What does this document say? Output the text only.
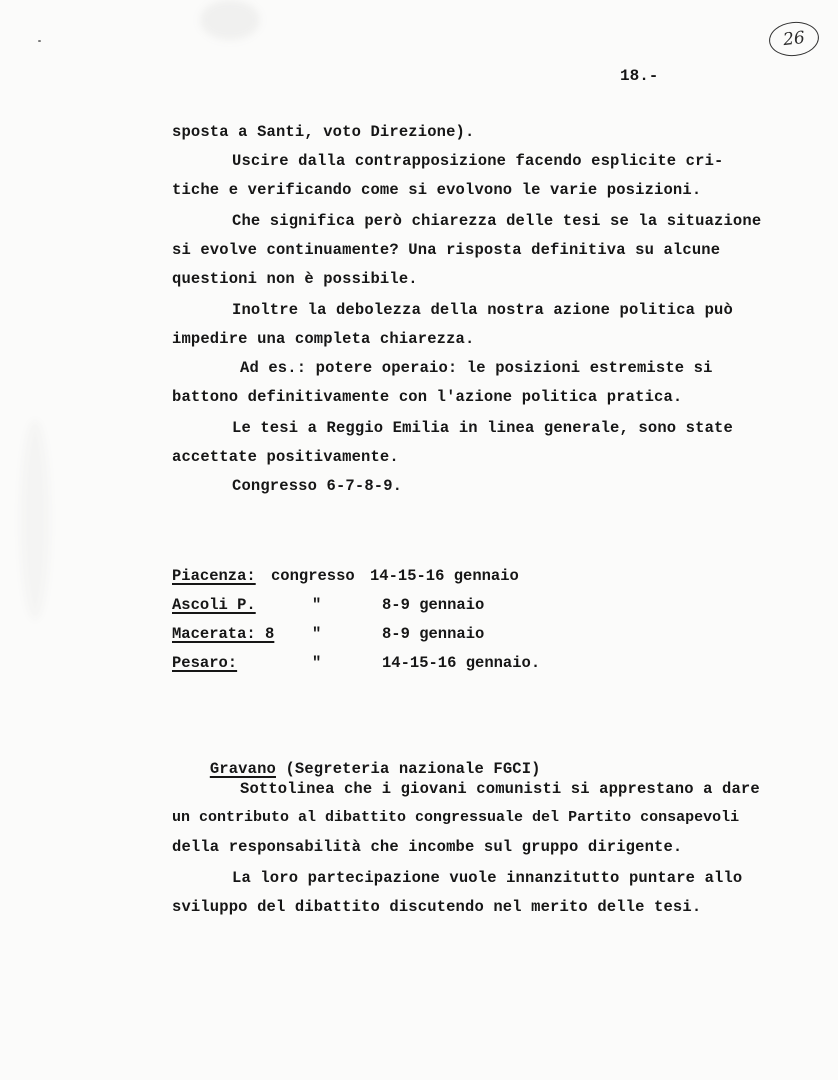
26
18.-
sposta a Santi, voto Direzione).
Uscire dalla contrapposizione facendo esplicite cri-
tiche e verificando come si evolvono le varie posizioni.
Che significa però chiarezza delle tesi se la situazione
si evolve continuamente? Una risposta definitiva su alcune
questioni non è possibile.
Inoltre la debolezza della nostra azione politica può
impedire una completa chiarezza.
Ad es.: potere operaio: le posizioni estremiste si
battono definitivamente con l'azione politica pratica.
Le tesi a Reggio Emilia in linea generale, sono state
accettate positivamente.
Congresso 6-7-8-9.
Piacenza: congresso 14-15-16 gennaio
Ascoli P.	"	8-9 gennaio
Macerata: 8 "	8-9 gennaio
Pesaro:	"	14-15-16 gennaio.

Gravano (Segreteria nazionale FGCI)

Sottolinea che i giovani comunisti si apprestano a dare
un contributo al dibattito congressuale del Partito consapevoli
della responsabilità che incombe sul gruppo dirigente.
La loro partecipazione vuole innanzitutto puntare allo
sviluppo del dibattito discutendo nel merito delle tesi.
